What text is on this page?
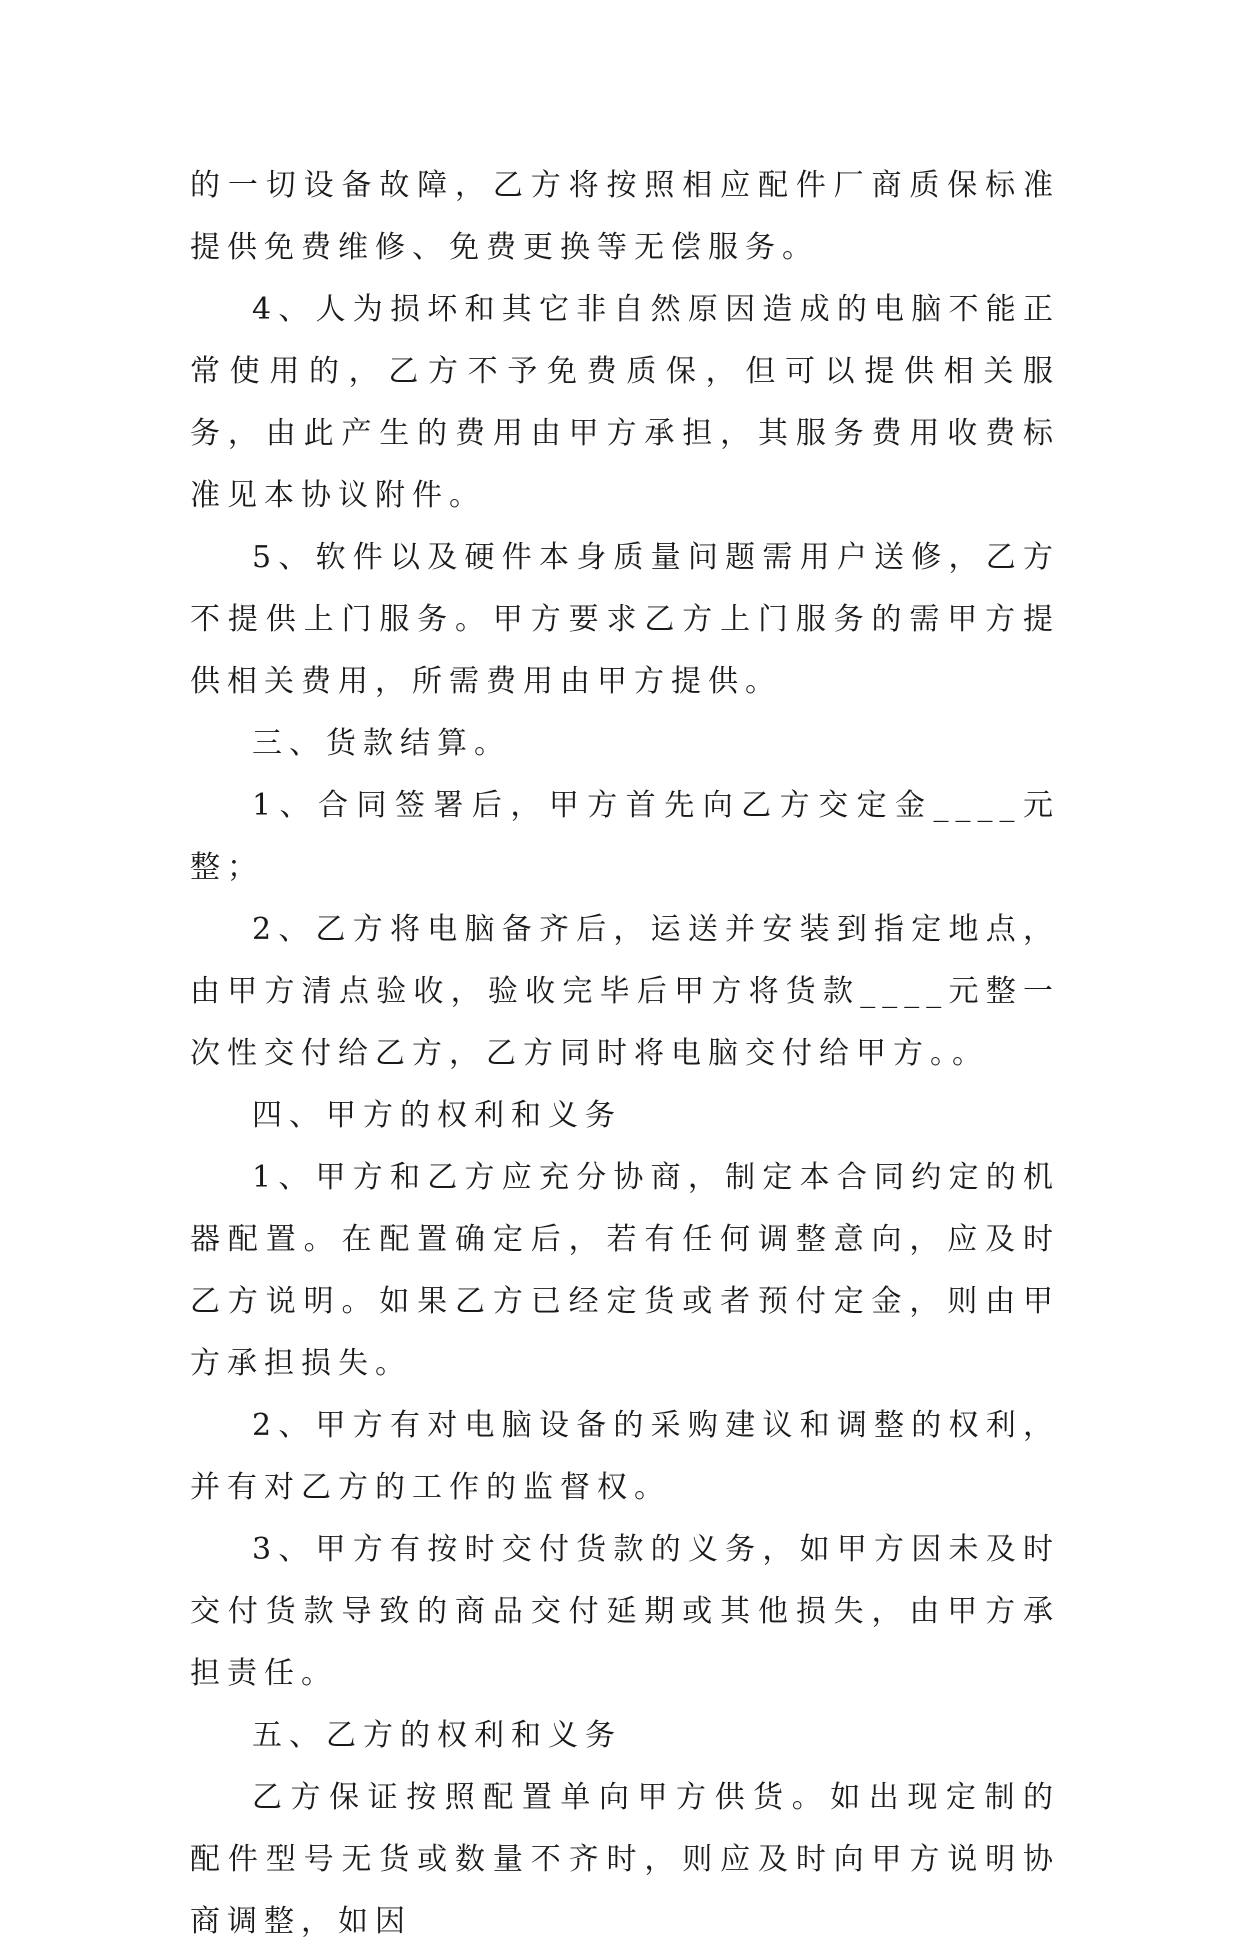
的一切设备故障，乙方将按照相应配件厂商质保标准提供免费维修、免费更换等无偿服务。

4、人为损坏和其它非自然原因造成的电脑不能正常使用的，乙方不予免费质保，但可以提供相关服务，由此产生的费用由甲方承担，其服务费用收费标准见本协议附件。

5、软件以及硬件本身质量问题需用户送修，乙方不提供上门服务。甲方要求乙方上门服务的需甲方提供相关费用，所需费用由甲方提供。

三、货款结算。

1、合同签署后，甲方首先向乙方交定金____元整；

2、乙方将电脑备齐后，运送并安装到指定地点，由甲方清点验收，验收完毕后甲方将货款____元整一次性交付给乙方，乙方同时将电脑交付给甲方。。

四、甲方的权利和义务

1、甲方和乙方应充分协商，制定本合同约定的机器配置。在配置确定后，若有任何调整意向，应及时乙方说明。如果乙方已经定货或者预付定金，则由甲方承担损失。

2、甲方有对电脑设备的采购建议和调整的权利，并有对乙方的工作的监督权。

3、甲方有按时交付货款的义务，如甲方因未及时交付货款导致的商品交付延期或其他损失，由甲方承担责任。

五、乙方的权利和义务

乙方保证按照配置单向甲方供货。如出现定制的配件型号无货或数量不齐时，则应及时向甲方说明协商调整，如因
